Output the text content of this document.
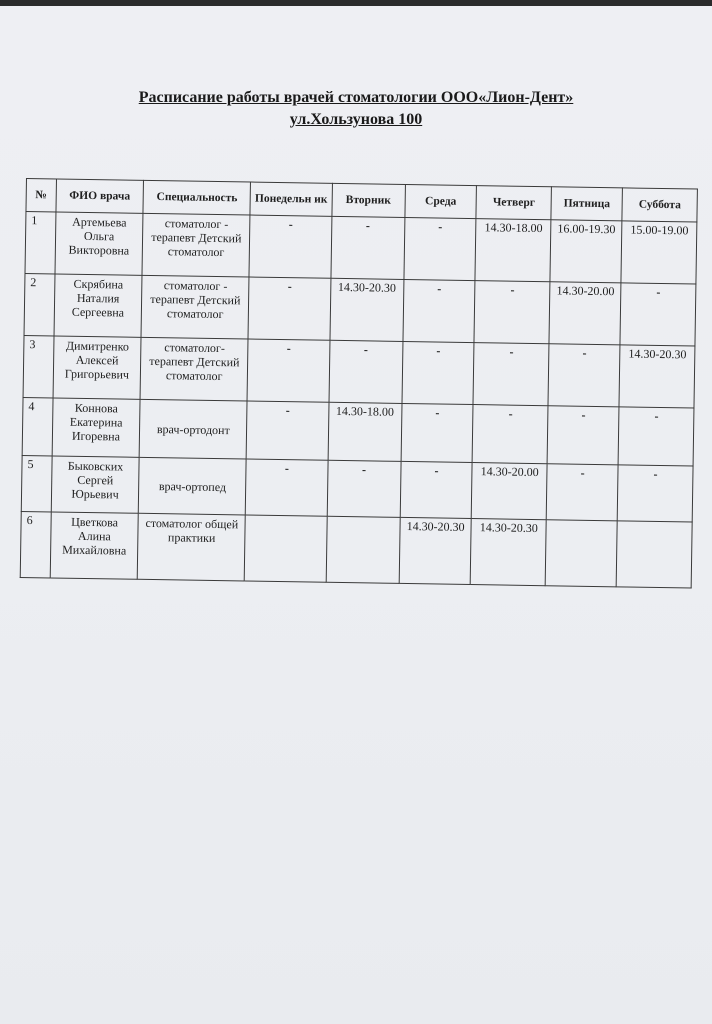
Расписание работы врачей стоматологии ООО«Лион-Дент»
ул.Хользунова 100
№	ФИО врача	Специальность	Понедельн ик	Вторник	Среда	Четверг	Пятница	Суббота
1	Артемьева Ольга Викторовна	стоматолог - терапевт Детский стоматолог	-	-	-	14.30-18.00	16.00-19.30	15.00-19.00
2	Скрябина Наталия Сергеевна	стоматолог - терапевт Детский стоматолог	-	14.30-20.30	-	-	14.30-20.00	-
3	Димитренко Алексей Григорьевич	стоматолог-терапевт Детский стоматолог	-	-	-	-	-	14.30-20.30
4	Коннова Екатерина Игоревна	врач-ортодонт	-	14.30-18.00	-	-	-	-
5	Быковских Сергей Юрьевич	врач-ортопед	-	-	-	14.30-20.00	-	-
6	Цветкова Алина Михайловна	стоматолог общей практики			14.30-20.30	14.30-20.30		
